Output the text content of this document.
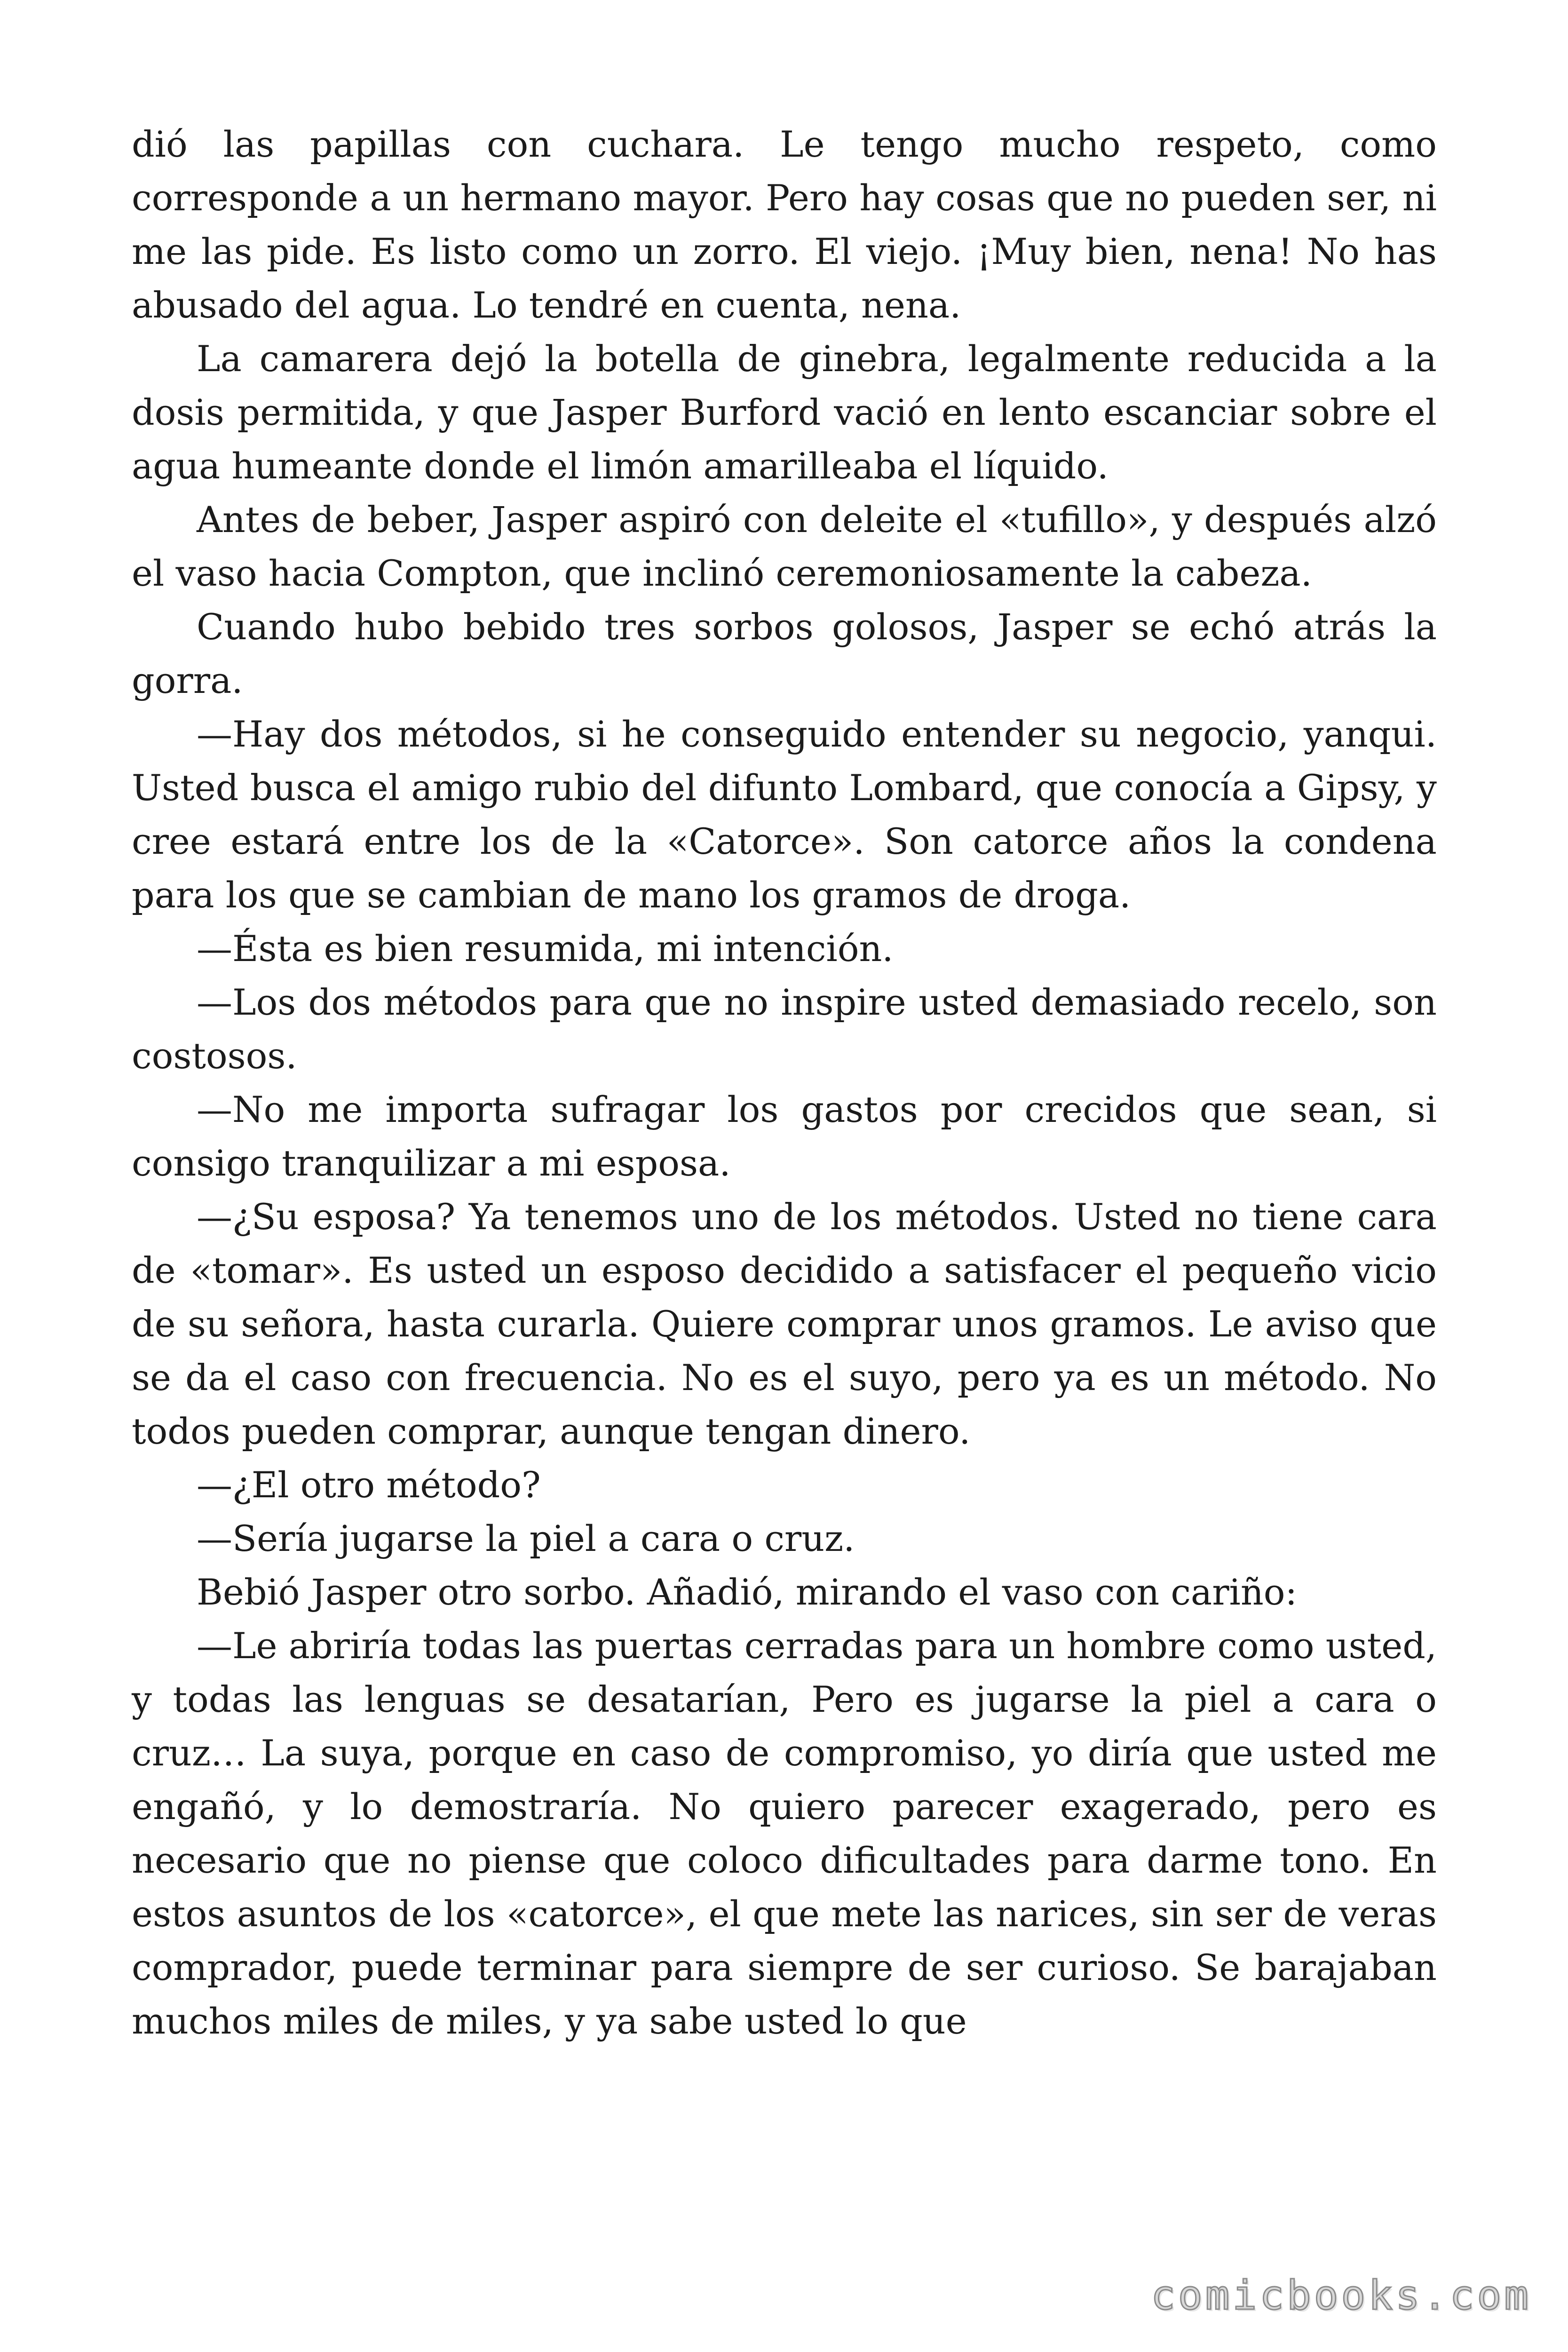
dió las papillas con cuchara. Le tengo mucho respeto, como corresponde a un hermano mayor. Pero hay cosas que no pueden ser, ni me las pide. Es listo como un zorro. El viejo. ¡Muy bien, nena! No has abusado del agua. Lo tendré en cuenta, nena.

La camarera dejó la botella de ginebra, legalmente reducida a la dosis permitida, y que Jasper Burford vació en lento escanciar sobre el agua humeante donde el limón amarilleaba el líquido.

Antes de beber, Jasper aspiró con deleite el «tufillo», y después alzó el vaso hacia Compton, que inclinó ceremoniosamente la cabeza.

Cuando hubo bebido tres sorbos golosos, Jasper se echó atrás la gorra.

—Hay dos métodos, si he conseguido entender su negocio, yanqui. Usted busca el amigo rubio del difunto Lombard, que conocía a Gipsy, y cree estará entre los de la «Catorce». Son catorce años la condena para los que se cambian de mano los gramos de droga.

—Ésta es bien resumida, mi intención.

—Los dos métodos para que no inspire usted demasiado recelo, son costosos.

—No me importa sufragar los gastos por crecidos que sean, si consigo tranquilizar a mi esposa.

—¿Su esposa? Ya tenemos uno de los métodos. Usted no tiene cara de «tomar». Es usted un esposo decidido a satisfacer el pequeño vicio de su señora, hasta curarla. Quiere comprar unos gramos. Le aviso que se da el caso con frecuencia. No es el suyo, pero ya es un método. No todos pueden comprar, aunque tengan dinero.

—¿El otro método?

—Sería jugarse la piel a cara o cruz.

Bebió Jasper otro sorbo. Añadió, mirando el vaso con cariño:

—Le abriría todas las puertas cerradas para un hombre como usted, y todas las lenguas se desatarían, Pero es jugarse la piel a cara o cruz… La suya, porque en caso de compromiso, yo diría que usted me engañó, y lo demostraría. No quiero parecer exagerado, pero es necesario que no piense que coloco dificultades para darme tono. En estos asuntos de los «catorce», el que mete las narices, sin ser de veras comprador, puede terminar para siempre de ser curioso. Se barajaban muchos miles de miles, y ya sabe usted lo que

comicbooks.com
